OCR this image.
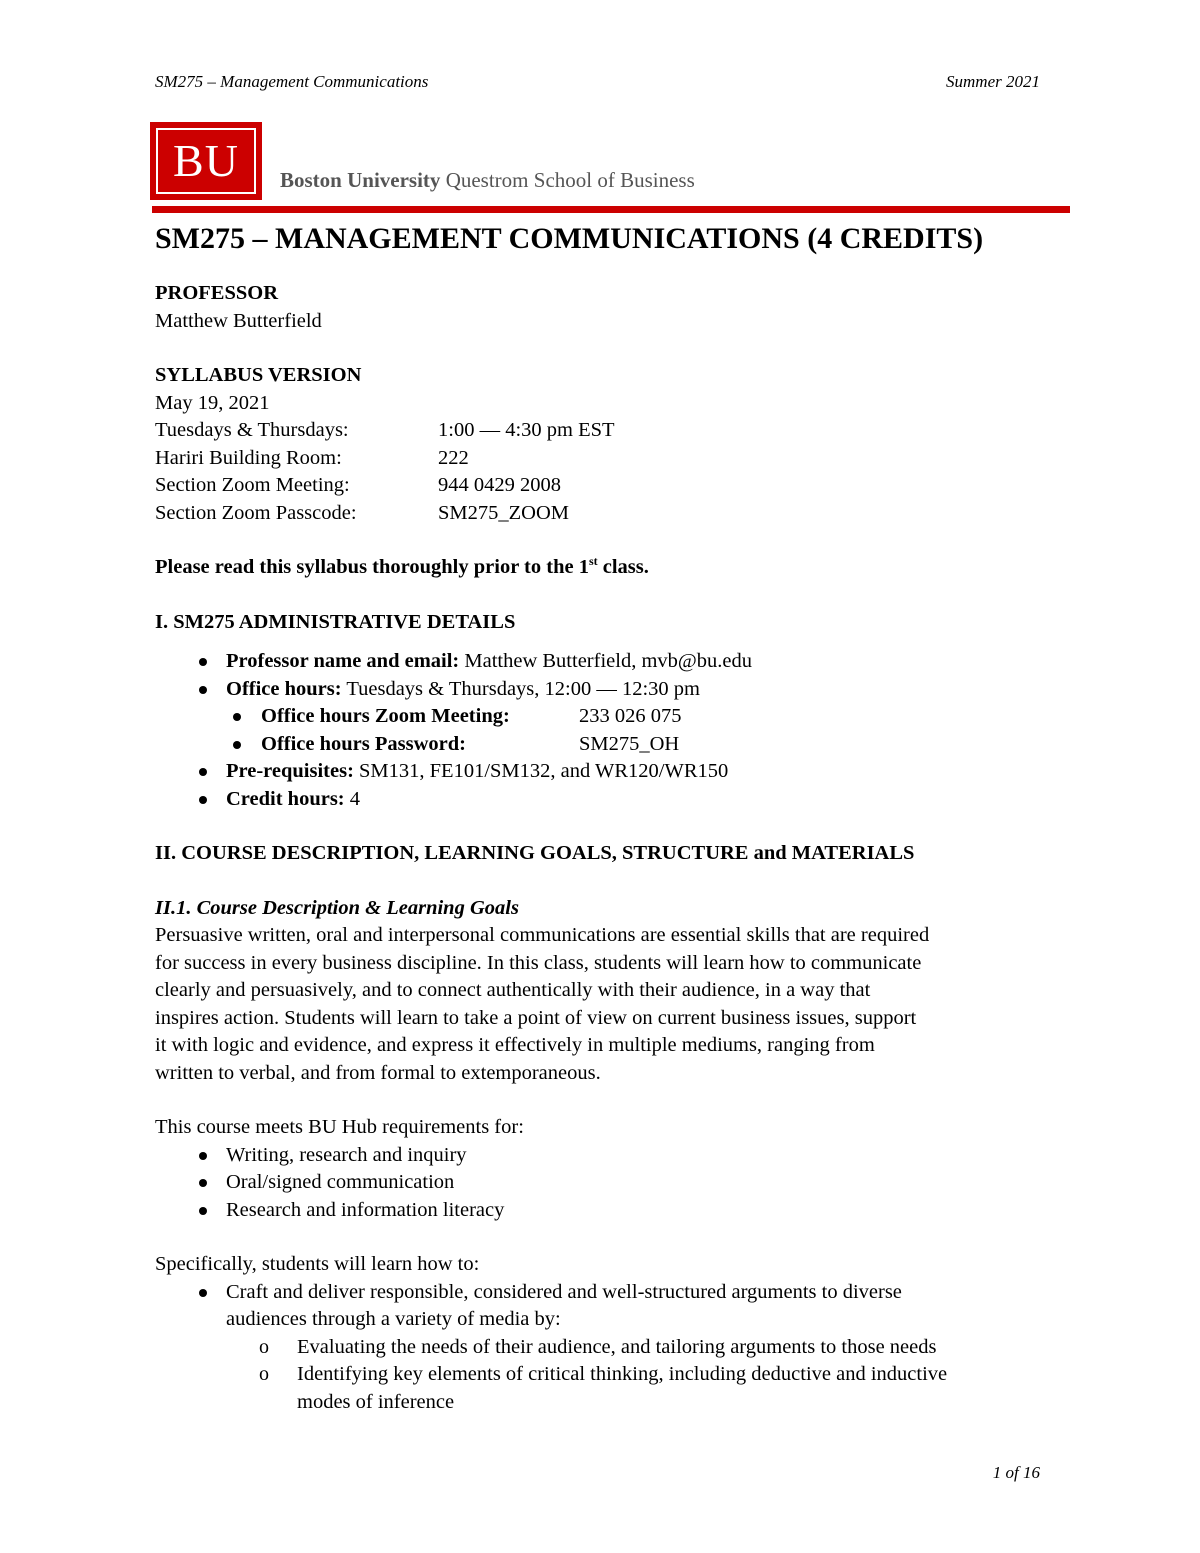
SM275 – Management Communications	Summer 2021
BU Boston University Questrom School of Business
SM275 – MANAGEMENT COMMUNICATIONS (4 CREDITS)
PROFESSOR
Matthew Butterfield
SYLLABUS VERSION
May 19, 2021
Tuesdays & Thursdays:	1:00 — 4:30 pm EST
Hariri Building Room:	222
Section Zoom Meeting:	944 0429 2008
Section Zoom Passcode:	SM275_ZOOM
Please read this syllabus thoroughly prior to the 1st class.
I. SM275 ADMINISTRATIVE DETAILS
Professor name and email: Matthew Butterfield, mvb@bu.edu
Office hours: Tuesdays & Thursdays, 12:00 — 12:30 pm
Office hours Zoom Meeting:	233 026 075
Office hours Password:	SM275_OH
Pre-requisites: SM131, FE101/SM132, and WR120/WR150
Credit hours: 4
II. COURSE DESCRIPTION, LEARNING GOALS, STRUCTURE and MATERIALS
II.1. Course Description & Learning Goals
Persuasive written, oral and interpersonal communications are essential skills that are required
for success in every business discipline. In this class, students will learn how to communicate
clearly and persuasively, and to connect authentically with their audience, in a way that
inspires action. Students will learn to take a point of view on current business issues, support
it with logic and evidence, and express it effectively in multiple mediums, ranging from
written to verbal, and from formal to extemporaneous.
This course meets BU Hub requirements for:
Writing, research and inquiry
Oral/signed communication
Research and information literacy
Specifically, students will learn how to:
Craft and deliver responsible, considered and well-structured arguments to diverse
audiences through a variety of media by:
o Evaluating the needs of their audience, and tailoring arguments to those needs
o Identifying key elements of critical thinking, including deductive and inductive
modes of inference
1 of 16
